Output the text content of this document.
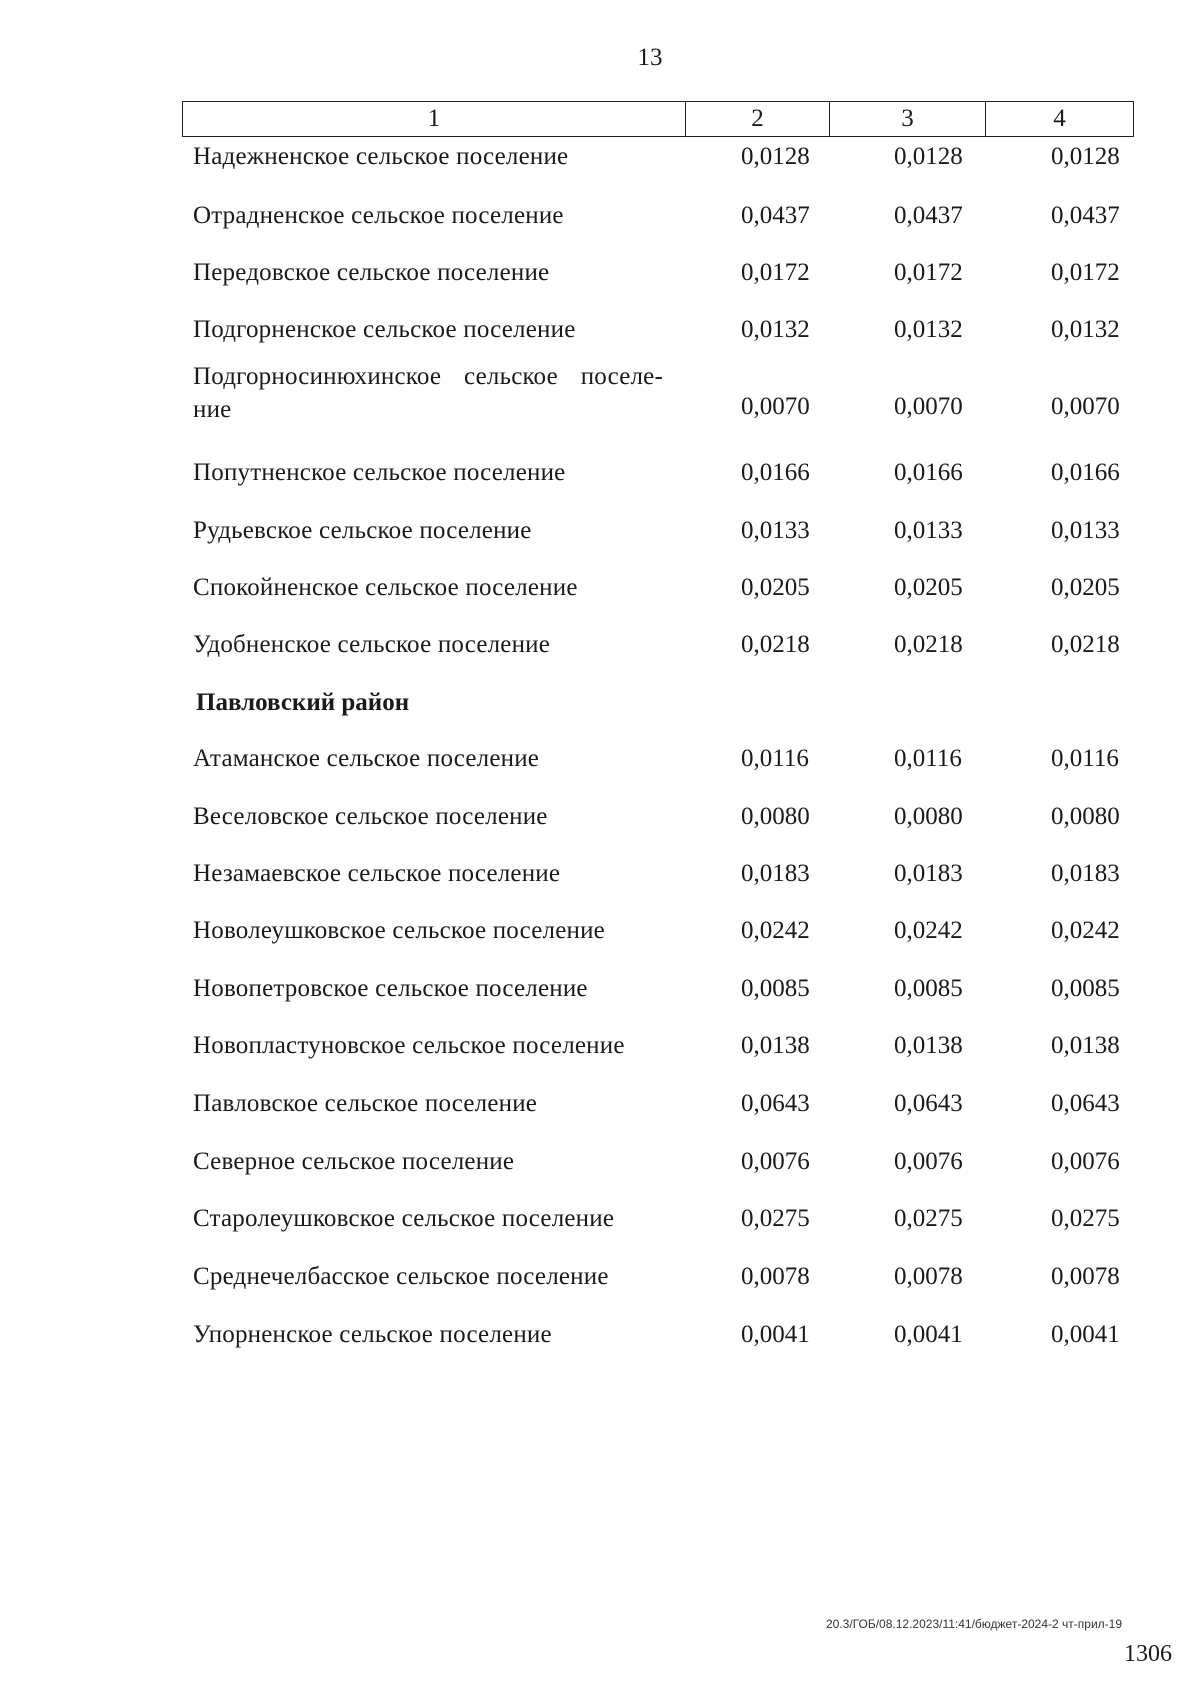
13
1	2	3	4
Надежненское сельское поселение	0,0128	0,0128	0,0128
Отрадненское сельское поселение	0,0437	0,0437	0,0437
Передовское сельское поселение	0,0172	0,0172	0,0172
Подгорненское сельское поселение	0,0132	0,0132	0,0132
Подгорносинюхинское сельское поселе-ние	0,0070	0,0070	0,0070
Попутненское сельское поселение	0,0166	0,0166	0,0166
Рудьевское сельское поселение	0,0133	0,0133	0,0133
Спокойненское сельское поселение	0,0205	0,0205	0,0205
Удобненское сельское поселение	0,0218	0,0218	0,0218
Павловский район
Атаманское сельское поселение	0,0116	0,0116	0,0116
Веселовское сельское поселение	0,0080	0,0080	0,0080
Незамаевское сельское поселение	0,0183	0,0183	0,0183
Новолеушковское сельское поселение	0,0242	0,0242	0,0242
Новопетровское сельское поселение	0,0085	0,0085	0,0085
Новопластуновское сельское поселение	0,0138	0,0138	0,0138
Павловское сельское поселение	0,0643	0,0643	0,0643
Северное сельское поселение	0,0076	0,0076	0,0076
Старолеушковское сельское поселение	0,0275	0,0275	0,0275
Среднечелбасское сельское поселение	0,0078	0,0078	0,0078
Упорненское сельское поселение	0,0041	0,0041	0,0041
20.3/ГОБ/08.12.2023/11:41/бюджет-2024-2 чт-прил-19
1306
